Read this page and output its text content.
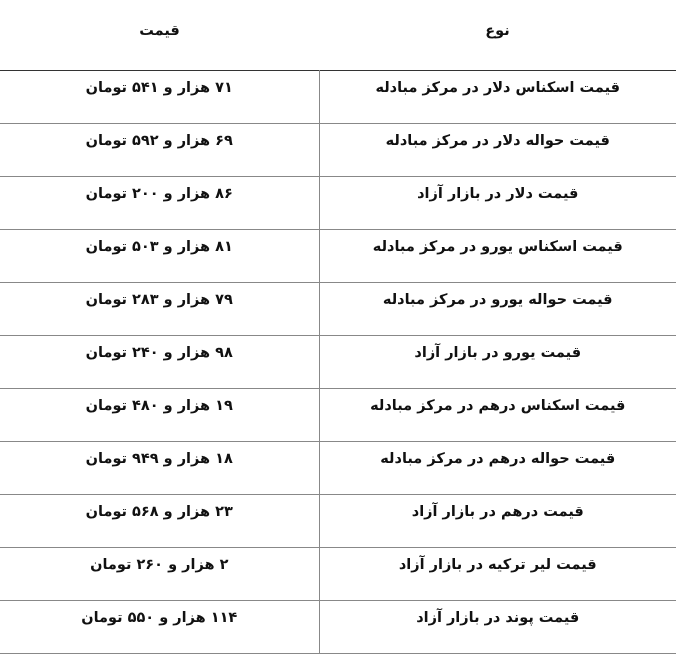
قیمت	نوع
۷۱ هزار و ۵۴۱ تومان	قیمت اسکناس دلار در مرکز مبادله
۶۹ هزار و ۵۹۲ تومان	قیمت حواله دلار در مرکز مبادله
۸۶ هزار و ۲۰۰ تومان	قیمت دلار در بازار آزاد
۸۱ هزار و ۵۰۳ تومان	قیمت اسکناس یورو در مرکز مبادله
۷۹ هزار و ۲۸۳ تومان	قیمت حواله یورو در مرکز مبادله
۹۸ هزار و ۲۴۰ تومان	قیمت یورو در بازار آزاد
۱۹ هزار و ۴۸۰ تومان	قیمت اسکناس درهم در مرکز مبادله
۱۸ هزار و ۹۴۹ تومان	قیمت حواله درهم در مرکز مبادله
۲۳ هزار و ۵۶۸ تومان	قیمت درهم در بازار آزاد
۲ هزار و ۲۶۰ تومان	قیمت لیر ترکیه در بازار آزاد
۱۱۴ هزار و ۵۵۰ تومان	قیمت پوند در بازار آزاد
